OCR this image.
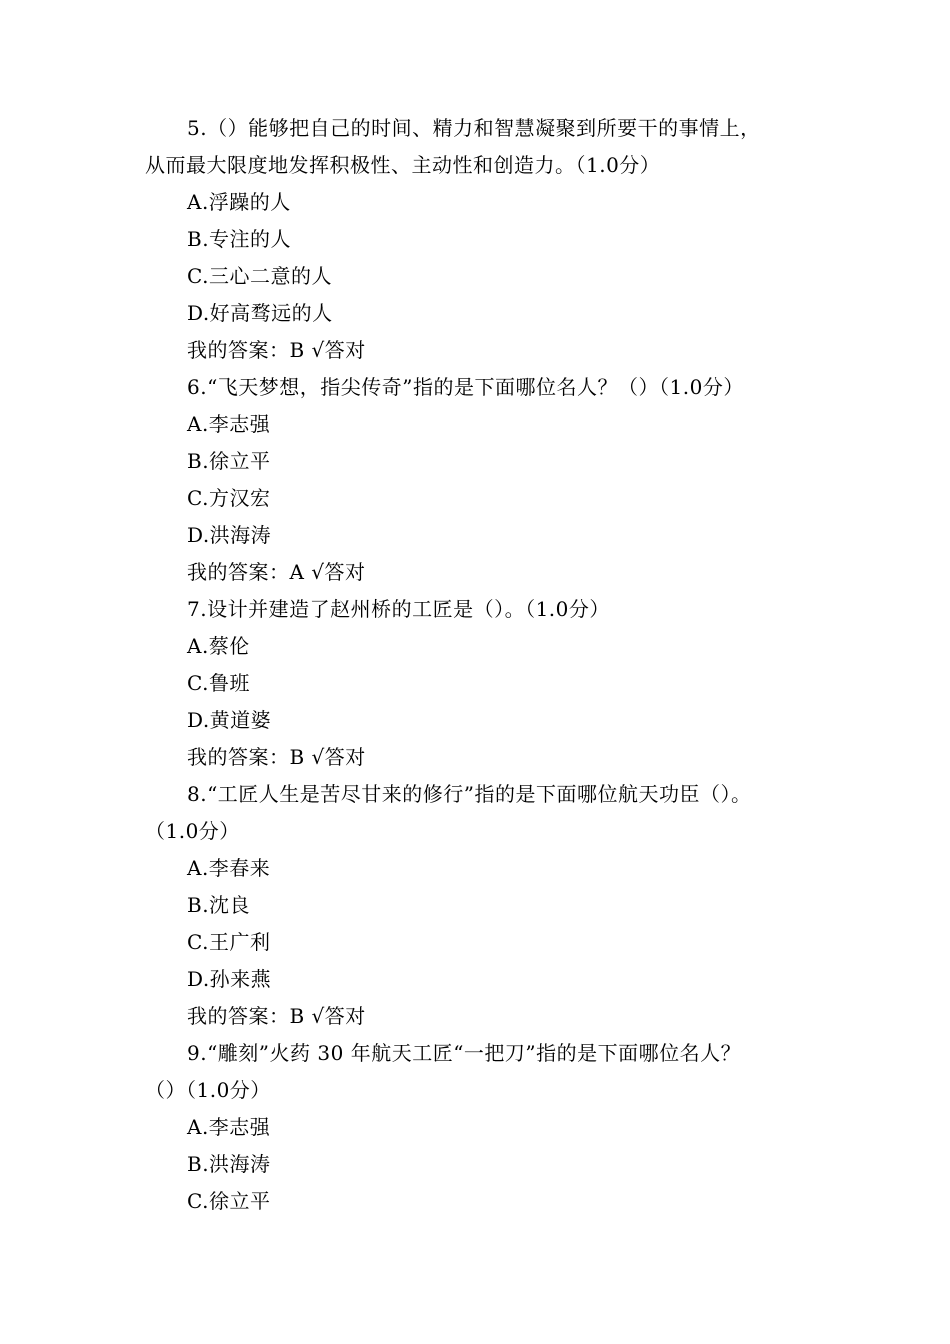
5.（）能够把自己的时间、精力和智慧凝聚到所要干的事情上，
从而最大限度地发挥积极性、主动性和创造力。（1.0分）
A.浮躁的人
B.专注的人
C.三心二意的人
D.好高骛远的人
我的答案：B √答对
6.“飞天梦想，指尖传奇”指的是下面哪位名人？（）（1.0分）
A.李志强
B.徐立平
C.方汉宏
D.洪海涛
我的答案：A √答对
7.设计并建造了赵州桥的工匠是（）。（1.0分）
A.蔡伦
C.鲁班
D.黄道婆
我的答案：B √答对
8.“工匠人生是苦尽甘来的修行”指的是下面哪位航天功臣（）。
（1.0分）
A.李春来
B.沈良
C.王广利
D.孙来燕
我的答案：B √答对
9.“雕刻”火药 30 年航天工匠“一把刀”指的是下面哪位名人？
（）（1.0分）
A.李志强
B.洪海涛
C.徐立平
